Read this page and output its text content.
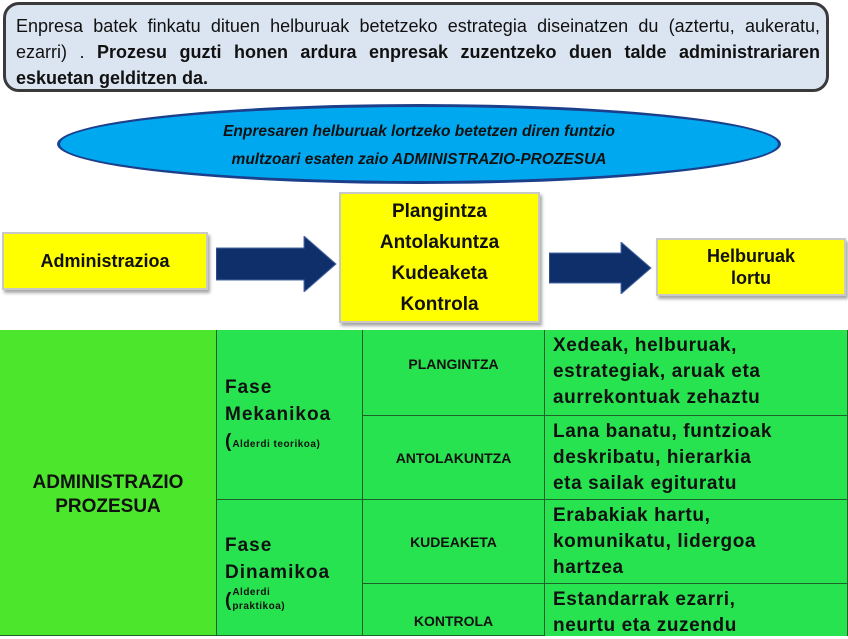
Enpresa batek finkatu dituen helburuak betetzeko estrategia diseinatzen du (aztertu, aukeratu, ezarri) . Prozesu guzti honen ardura enpresak zuzentzeko duen talde administrariaren eskuetan gelditzen da.
Enpresaren helburuak lortzeko betetzen diren funtzio
multzoari esaten zaio ADMINISTRAZIO-PROZESUA
Administrazioa
Plangintza
Antolakuntza
Kudeaketa
Kontrola
Helburuak
lortu
ADMINISTRAZIO
PROZESUA
Fase
Mekanikoa
(Alderdi teorikoa)
Fase
Dinamikoa
( Alderdi
praktikoa)
PLANGINTZA
ANTOLAKUNTZA
KUDEAKETA
KONTROLA
Xedeak, helburuak,
estrategiak, aruak eta
aurrekontuak zehaztu
Lana banatu, funtzioak
deskribatu, hierarkia
eta sailak egituratu
Erabakiak hartu,
komunikatu, lidergoa
hartzea
Estandarrak ezarri,
neurtu eta zuzendu
